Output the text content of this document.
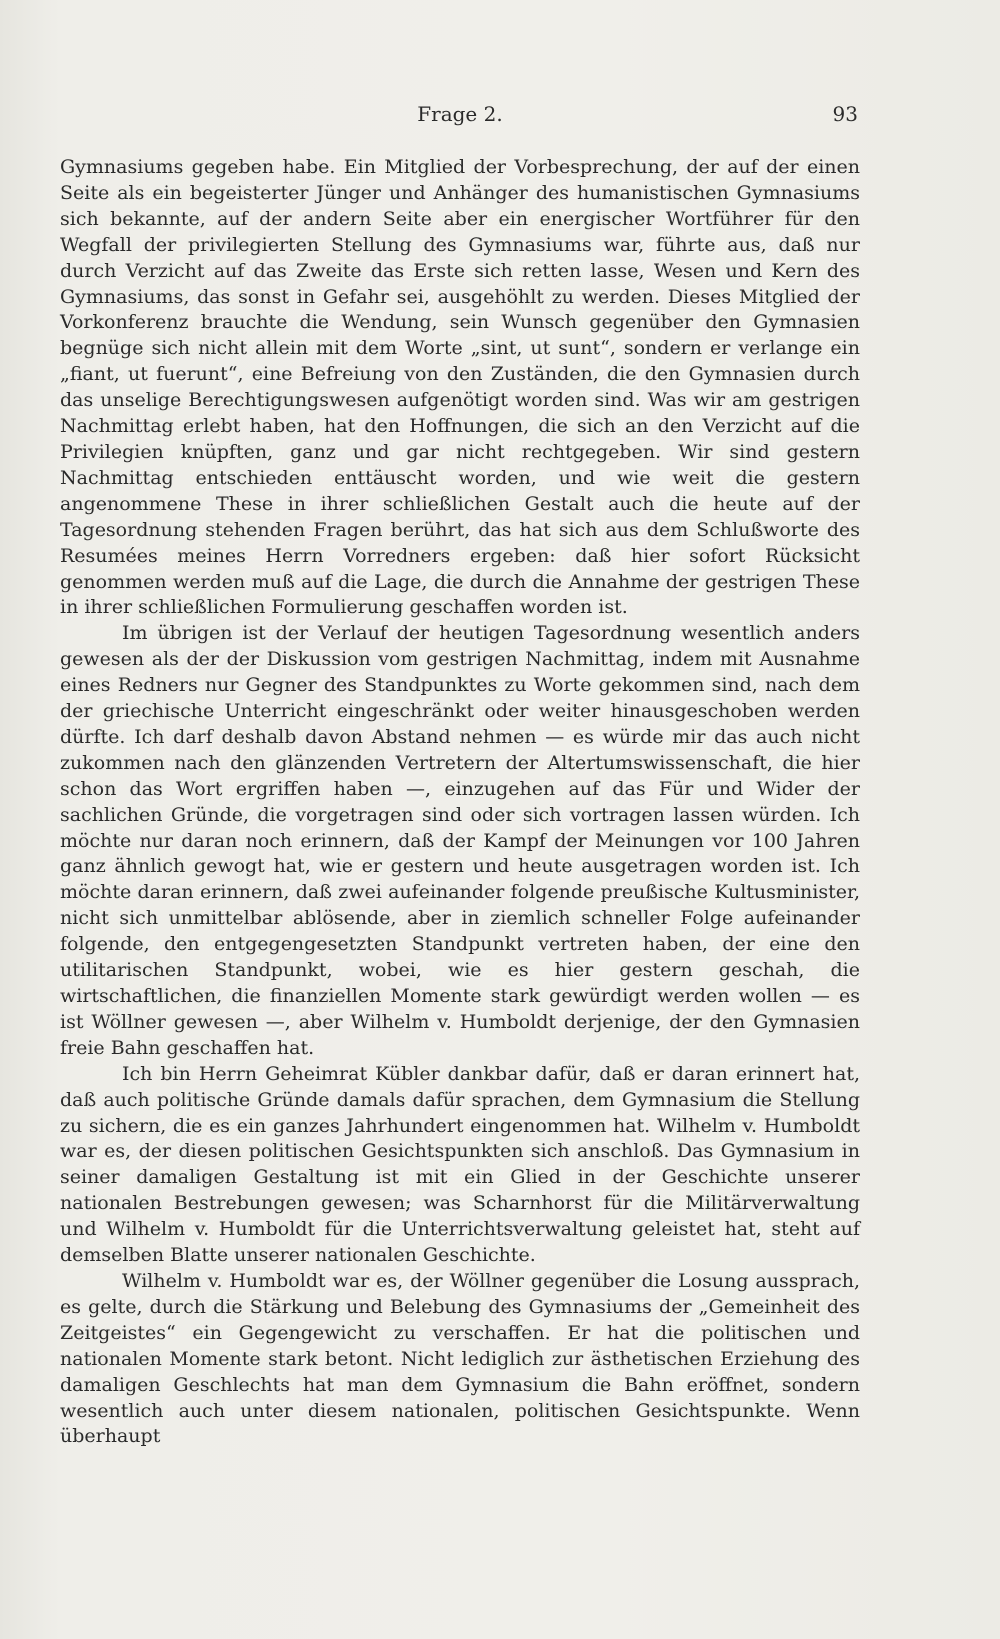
Frage 2.	93

Gymnasiums gegeben habe. Ein Mitglied der Vorbesprechung, der auf der einen Seite als ein begeisterter Jünger und Anhänger des humanistischen Gymnasiums sich bekannte, auf der andern Seite aber ein energischer Wortführer für den Wegfall der privilegierten Stellung des Gymnasiums war, führte aus, daß nur durch Verzicht auf das Zweite das Erste sich retten lasse, Wesen und Kern des Gymnasiums, das sonst in Gefahr sei, ausgehöhlt zu werden. Dieses Mitglied der Vorkonferenz brauchte die Wendung, sein Wunsch gegenüber den Gymnasien begnüge sich nicht allein mit dem Worte „sint, ut sunt“, sondern er verlange ein „fiant, ut fuerunt“, eine Befreiung von den Zuständen, die den Gymnasien durch das unselige Berechtigungswesen aufgenötigt worden sind. Was wir am gestrigen Nachmittag erlebt haben, hat den Hoffnungen, die sich an den Verzicht auf die Privilegien knüpften, ganz und gar nicht rechtgegeben. Wir sind gestern Nachmittag entschieden enttäuscht worden, und wie weit die gestern angenommene These in ihrer schließlichen Gestalt auch die heute auf der Tagesordnung stehenden Fragen berührt, das hat sich aus dem Schlußworte des Resumées meines Herrn Vorredners ergeben: daß hier sofort Rücksicht genommen werden muß auf die Lage, die durch die Annahme der gestrigen These in ihrer schließlichen Formulierung geschaffen worden ist.

Im übrigen ist der Verlauf der heutigen Tagesordnung wesentlich anders gewesen als der der Diskussion vom gestrigen Nachmittag, indem mit Ausnahme eines Redners nur Gegner des Standpunktes zu Worte gekommen sind, nach dem der griechische Unterricht eingeschränkt oder weiter hinausgeschoben werden dürfte. Ich darf deshalb davon Abstand nehmen — es würde mir das auch nicht zukommen nach den glänzenden Vertretern der Altertumswissenschaft, die hier schon das Wort ergriffen haben —, einzugehen auf das Für und Wider der sachlichen Gründe, die vorgetragen sind oder sich vortragen lassen würden. Ich möchte nur daran noch erinnern, daß der Kampf der Meinungen vor 100 Jahren ganz ähnlich gewogt hat, wie er gestern und heute ausgetragen worden ist. Ich möchte daran erinnern, daß zwei aufeinander folgende preußische Kultusminister, nicht sich unmittelbar ablösende, aber in ziemlich schneller Folge aufeinander folgende, den entgegengesetzten Standpunkt vertreten haben, der eine den utilitarischen Standpunkt, wobei, wie es hier gestern geschah, die wirtschaftlichen, die finanziellen Momente stark gewürdigt werden wollen — es ist Wöllner gewesen —, aber Wilhelm v. Humboldt derjenige, der den Gymnasien freie Bahn geschaffen hat.

Ich bin Herrn Geheimrat Kübler dankbar dafür, daß er daran erinnert hat, daß auch politische Gründe damals dafür sprachen, dem Gymnasium die Stellung zu sichern, die es ein ganzes Jahrhundert eingenommen hat. Wilhelm v. Humboldt war es, der diesen politischen Gesichtspunkten sich anschloß. Das Gymnasium in seiner damaligen Gestaltung ist mit ein Glied in der Geschichte unserer nationalen Bestrebungen gewesen; was Scharnhorst für die Militärverwaltung und Wilhelm v. Humboldt für die Unterrichtsverwaltung geleistet hat, steht auf demselben Blatte unserer nationalen Geschichte.

Wilhelm v. Humboldt war es, der Wöllner gegenüber die Losung aussprach, es gelte, durch die Stärkung und Belebung des Gymnasiums der „Gemeinheit des Zeitgeistes“ ein Gegengewicht zu verschaffen. Er hat die politischen und nationalen Momente stark betont. Nicht lediglich zur ästhetischen Erziehung des damaligen Geschlechts hat man dem Gymnasium die Bahn eröffnet, sondern wesentlich auch unter diesem nationalen, politischen Gesichtspunkte. Wenn überhaupt
